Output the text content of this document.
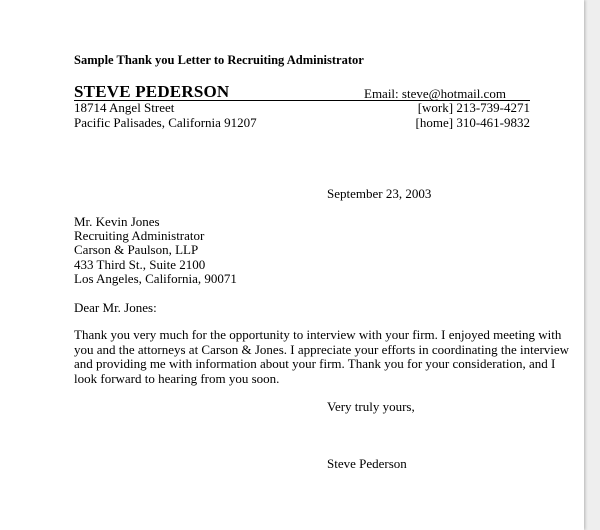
Sample Thank you Letter to Recruiting Administrator
STEVE PEDERSON	Email: steve@hotmail.com
18714 Angel Street
Pacific Palisades, California 91207
[work] 213-739-4271
[home] 310-461-9832
September 23, 2003
Mr. Kevin Jones
Recruiting Administrator
Carson & Paulson, LLP
433 Third St., Suite 2100
Los Angeles, California, 90071
Dear Mr. Jones:
Thank you very much for the opportunity to interview with your firm. I enjoyed meeting with
you and the attorneys at Carson & Jones. I appreciate your efforts in coordinating the interview
and providing me with information about your firm. Thank you for your consideration, and I
look forward to hearing from you soon.
Very truly yours,
Steve Pederson
